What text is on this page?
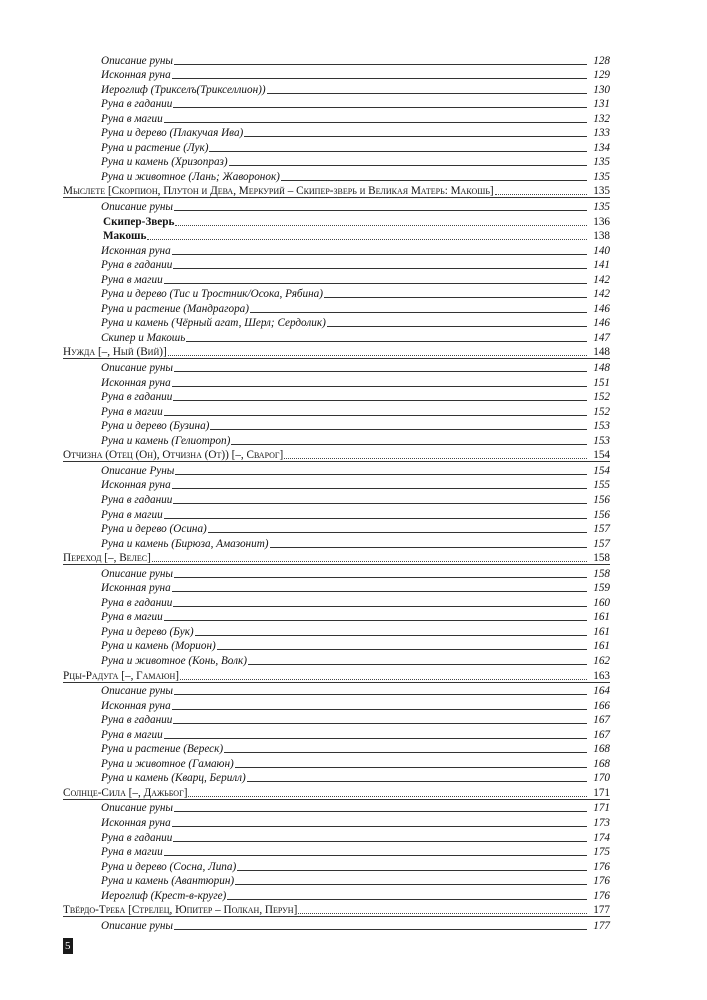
Описание руны	128
Исконная руна	129
Иероглиф (Трикселъ(Трикселлион))	130
Руна в гадании	131
Руна в магии	132
Руна и дерево (Плакучая Ива)	133
Руна и растение (Лук)	134
Руна и камень (Хризопраз)	135
Руна и животное (Лань; Жаворонок)	135
Мыслете [Скорпион, Плутон и Дева, Меркурий – Скипер-зверь и Великая Матерь: Макошь]	135
Описание руны	135
Скипер-Зверь	136
Макошь	138
Исконная руна	140
Руна в гадании	141
Руна в магии	142
Руна и дерево (Тис и Тростник/Осока, Рябина)	142
Руна и растение (Мандрагора)	146
Руна и камень (Чёрный агат, Шерл; Сердолик)	146
Скипер и Макошь	147
Нужда [–, Ный (Вий)]	148
Описание руны	148
Исконная руна	151
Руна в гадании	152
Руна в магии	152
Руна и дерево (Бузина)	153
Руна и камень (Гелиотроп)	153
Отчизна (Отец (Он), Отчизна (От)) [–, Сварог]	154
Описание Руны	154
Исконная руна	155
Руна в гадании	156
Руна в магии	156
Руна и дерево (Осина)	157
Руна и камень (Бирюза, Амазонит)	157
Переход [–, Велес]	158
Описание руны	158
Исконная руна	159
Руна в гадании	160
Руна в магии	161
Руна и дерево (Бук)	161
Руна и камень (Морион)	161
Руна и животное (Конь, Волк)	162
Рцы-Радуга [–, Гамаюн]	163
Описание руны	164
Исконная руна	166
Руна в гадании	167
Руна в магии	167
Руна и растение (Вереск)	168
Руна и животное (Гамаюн)	168
Руна и камень (Кварц, Берилл)	170
Солнце-Сила [–, Дажьбог]	171
Описание руны	171
Исконная руна	173
Руна в гадании	174
Руна в магии	175
Руна и дерево (Сосна, Липа)	176
Руна и камень (Авантюрин)	176
Иероглиф (Крест-в-круге)	176
Твёрдо-Треба [Стрелец, Юпитер – Полкан, Перун]	177
Описание руны	177
5
